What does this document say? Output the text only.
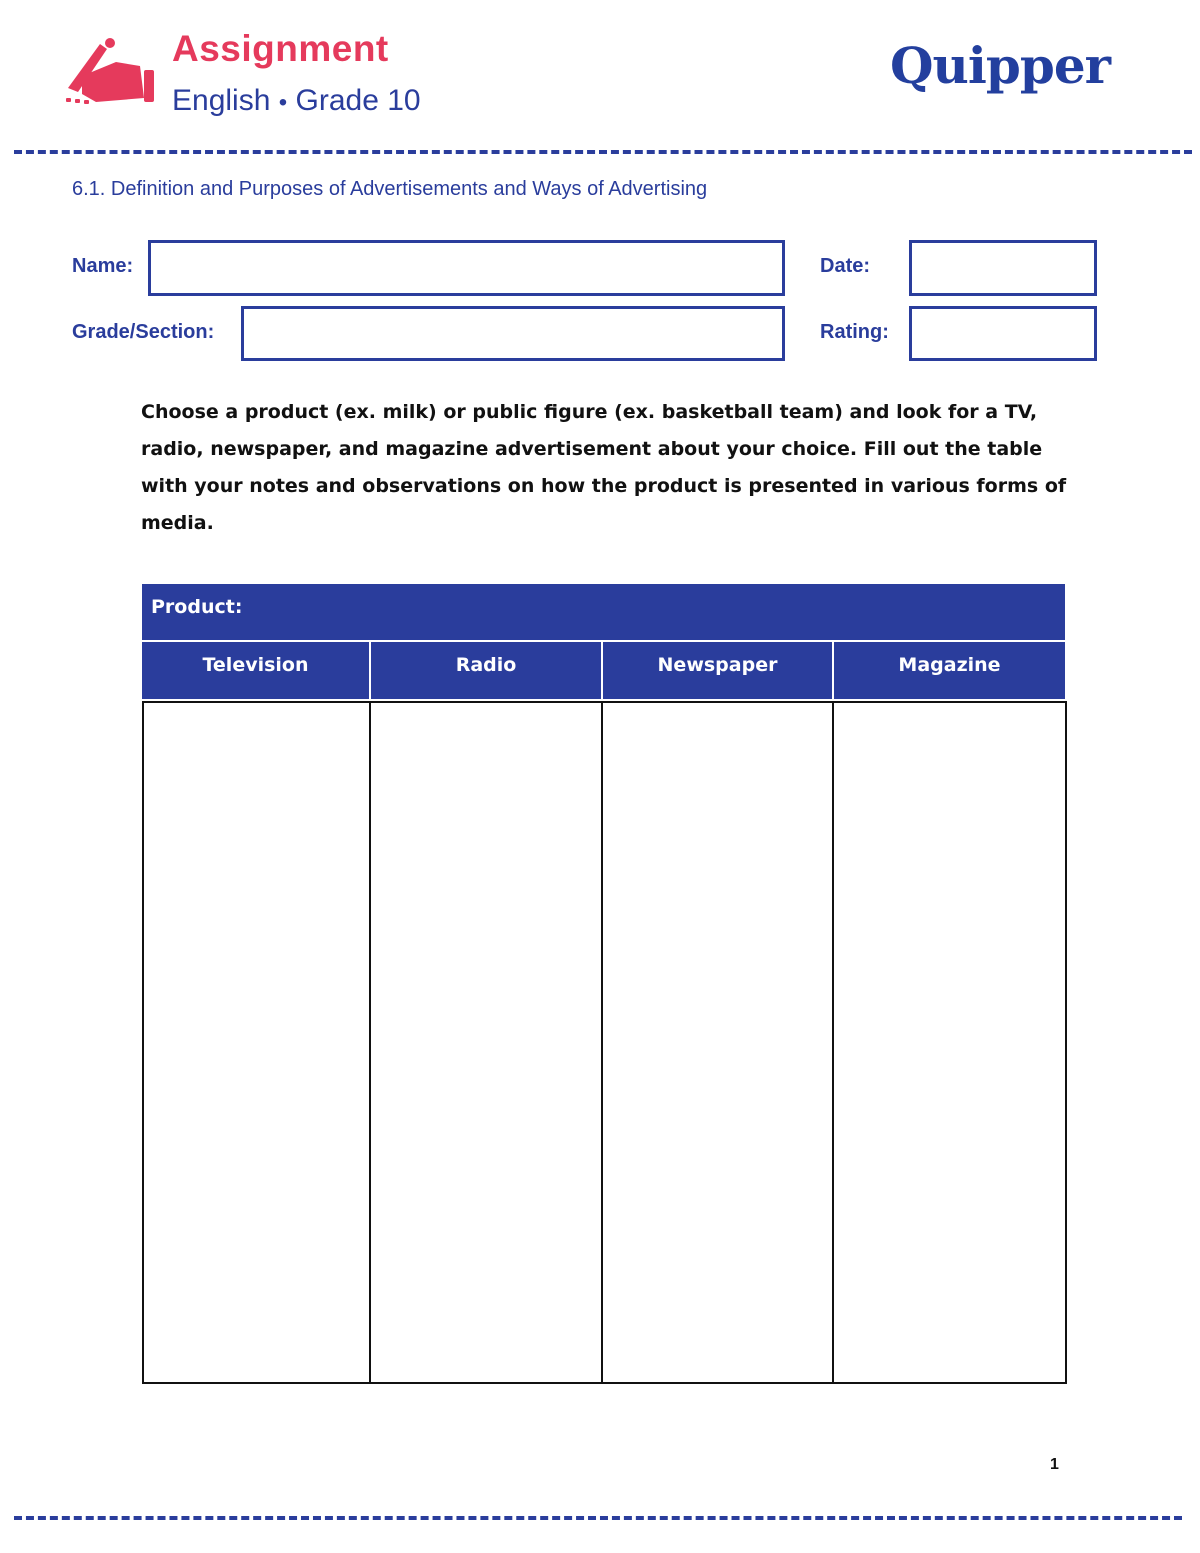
Assignment
English • Grade 10
Quipper
6.1. Definition and Purposes of Advertisements and Ways of Advertising
Name:	Date:
Grade/Section:	Rating:
Choose a product (ex. milk) or public figure (ex. basketball team) and look for a TV, radio, newspaper, and magazine advertisement about your choice. Fill out the table with your notes and observations on how the product is presented in various forms of media.
Product:
Television	Radio	Newspaper	Magazine
1
